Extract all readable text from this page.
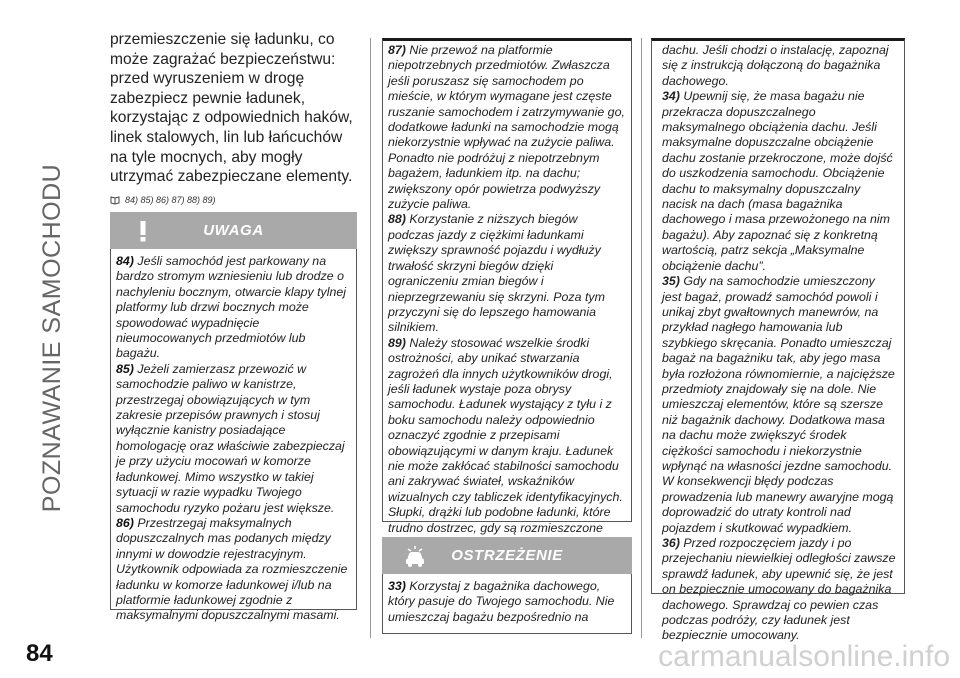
POZNAWANIE SAMOCHODU

przemieszczenie się ładunku, co może zagrażać bezpieczeństwu: przed wyruszeniem w drogę zabezpiecz pewnie ładunek, korzystając z odpowiednich haków, linek stalowych, lin lub łańcuchów na tyle mocnych, aby mogły utrzymać zabezpieczane elementy.

84) 85) 86) 87) 88) 89)
UWAGA

84) Jeśli samochód jest parkowany na bardzo stromym wzniesieniu lub drodze o nachyleniu bocznym, otwarcie klapy tylnej platformy lub drzwi bocznych może spowodować wypadnięcie nieumocowanych przedmiotów lub bagażu.

85) Jeżeli zamierzasz przewozić w samochodzie paliwo w kanistrze, przestrzegaj obowiązujących w tym zakresie przepisów prawnych i stosuj wyłącznie kanistry posiadające homologację oraz właściwie zabezpieczaj je przy użyciu mocowań w komorze ładunkowej. Mimo wszystko w takiej sytuacji w razie wypadku Twojego samochodu ryzyko pożaru jest większe.

86) Przestrzegaj maksymalnych dopuszczalnych mas podanych między innymi w dowodzie rejestracyjnym. Użytkownik odpowiada za rozmieszczenie ładunku w komorze ładunkowej i/lub na platformie ładunkowej zgodnie z maksymalnymi dopuszczalnymi masami.

87) Nie przewoź na platformie niepotrzebnych przedmiotów. Zwłaszcza jeśli poruszasz się samochodem po mieście, w którym wymagane jest częste ruszanie samochodem i zatrzymywanie go, dodatkowe ładunki na samochodzie mogą niekorzystnie wpływać na zużycie paliwa. Ponadto nie podróżuj z niepotrzebnym bagażem, ładunkiem itp. na dachu; zwiększony opór powietrza podwyższy zużycie paliwa.

88) Korzystanie z niższych biegów podczas jazdy z ciężkimi ładunkami zwiększy sprawność pojazdu i wydłuży trwałość skrzyni biegów dzięki ograniczeniu zmian biegów i nieprzegrzewaniu się skrzyni. Poza tym przyczyni się do lepszego hamowania silnikiem.

89) Należy stosować wszelkie środki ostrożności, aby unikać stwarzania zagrożeń dla innych użytkowników drogi, jeśli ładunek wystaje poza obrysy samochodu. Ładunek wystający z tyłu i z boku samochodu należy odpowiednio oznaczyć zgodnie z przepisami obowiązującymi w danym kraju. Ładunek nie może zakłócać stabilności samochodu ani zakrywać świateł, wskaźników wizualnych czy tabliczek identyfikacyjnych. Słupki, drążki lub podobne ładunki, które trudno dostrzec, gdy są rozmieszczone

OSTRZEŻENIE

33) Korzystaj z bagażnika dachowego, który pasuje do Twojego samochodu. Nie umieszczaj bagażu bezpośrednio na

dachu. Jeśli chodzi o instalację, zapoznaj się z instrukcją dołączoną do bagażnika dachowego.

34) Upewnij się, że masa bagażu nie przekracza dopuszczalnego maksymalnego obciążenia dachu. Jeśli maksymalne dopuszczalne obciążenie dachu zostanie przekroczone, może dojść do uszkodzenia samochodu. Obciążenie dachu to maksymalny dopuszczalny nacisk na dach (masa bagażnika dachowego i masa przewożonego na nim bagażu). Aby zapoznać się z konkretną wartością, patrz sekcja „Maksymalne obciążenie dachu”.

35) Gdy na samochodzie umieszczony jest bagaż, prowadź samochód powoli i unikaj zbyt gwałtownych manewrów, na przykład nagłego hamowania lub szybkiego skręcania. Ponadto umieszczaj bagaż na bagażniku tak, aby jego masa była rozłożona równomiernie, a najcięższe przedmioty znajdowały się na dole. Nie umieszczaj elementów, które są szersze niż bagażnik dachowy. Dodatkowa masa na dachu może zwiększyć środek ciężkości samochodu i niekorzystnie wpłynąć na własności jezdne samochodu. W konsekwencji błędy podczas prowadzenia lub manewry awaryjne mogą doprowadzić do utraty kontroli nad pojazdem i skutkować wypadkiem.

36) Przed rozpoczęciem jazdy i po przejechaniu niewielkiej odległości zawsze sprawdź ładunek, aby upewnić się, że jest on bezpiecznie umocowany do bagażnika dachowego. Sprawdzaj co pewien czas podczas podróży, czy ładunek jest bezpiecznie umocowany.

84	carmanualsonline.info
